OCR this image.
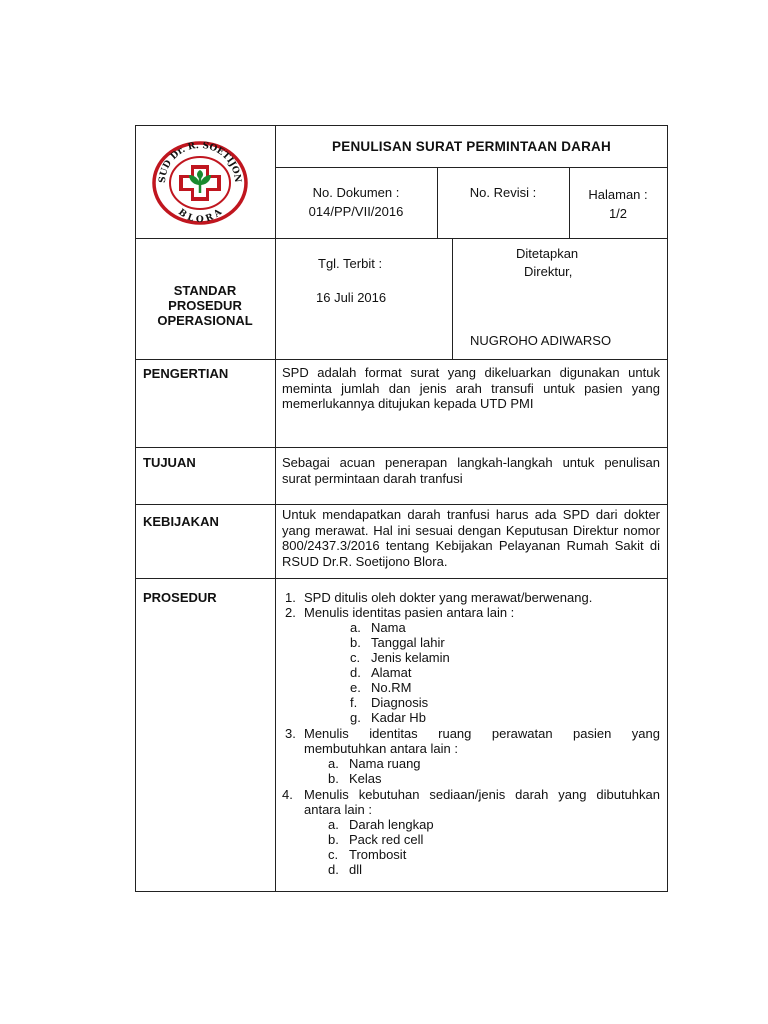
SUD Dr. R. SOETIJON
B L O R A
PENULISAN SURAT PERMINTAAN DARAH
No. Dokumen :
014/PP/VII/2016
No. Revisi :	Halaman :
1/2
STANDAR
PROSEDUR
OPERASIONAL
Tgl. Terbit :
16 Juli 2016
Ditetapkan
Direktur,
NUGROHO ADIWARSO
PENGERTIAN	SPD adalah format surat yang dikeluarkan digunakan untuk meminta jumlah dan jenis arah transufi untuk pasien yang memerlukannya ditujukan kepada UTD PMI
TUJUAN	Sebagai acuan penerapan langkah-langkah untuk penulisan surat permintaan darah tranfusi
KEBIJAKAN	Untuk mendapatkan darah tranfusi harus ada SPD dari dokter yang merawat. Hal ini sesuai dengan Keputusan Direktur nomor 800/2437.3/2016 tentang Kebijakan Pelayanan Rumah Sakit di RSUD Dr.R. Soetijono Blora.
PROSEDUR	1. SPD ditulis oleh dokter yang merawat/berwenang.
2. Menulis identitas pasien antara lain :
a. Nama
b. Tanggal lahir
c. Jenis kelamin
d. Alamat
e. No.RM
f. Diagnosis
g. Kadar Hb
3. Menulis identitas ruang perawatan pasien yang membutuhkan antara lain :
a. Nama ruang
b. Kelas
4. Menulis kebutuhan sediaan/jenis darah yang dibutuhkan antara lain :
a. Darah lengkap
b. Pack red cell
c. Trombosit
d. dll
